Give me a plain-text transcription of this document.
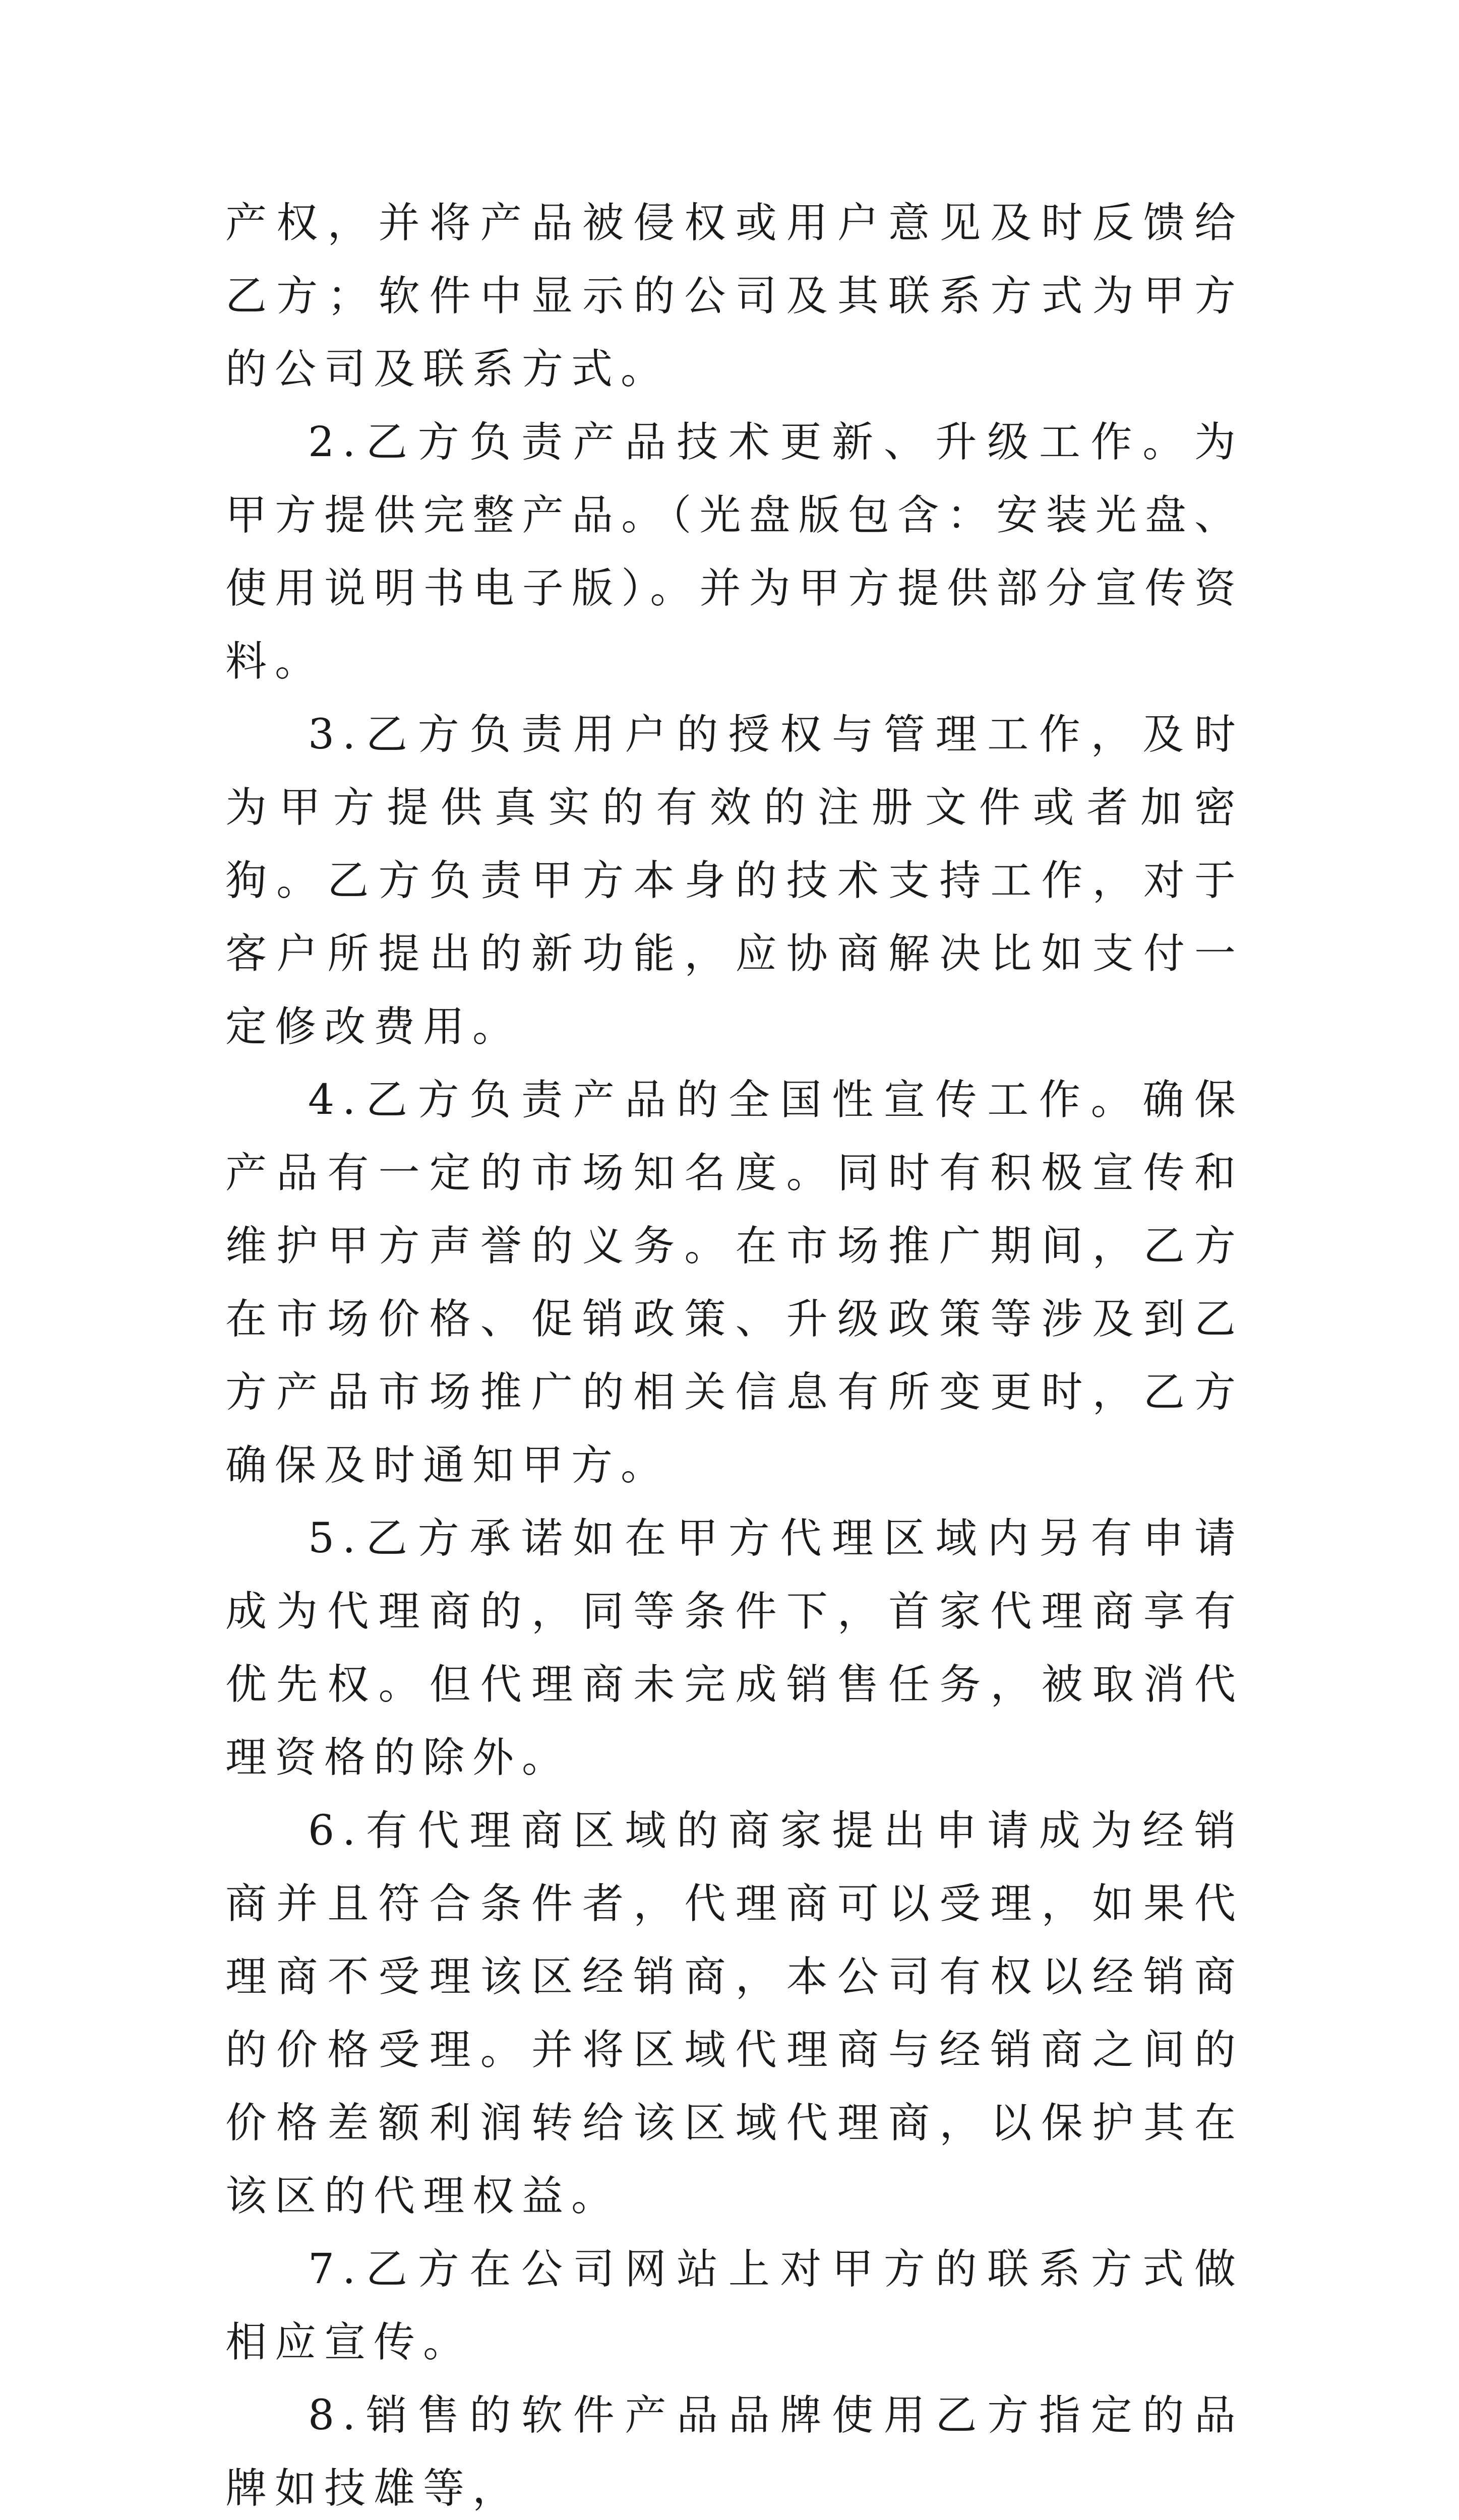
产权，并将产品被侵权或用户意见及时反馈给乙方；软件中显示的公司及其联系方式为甲方的公司及联系方式。

2.乙方负责产品技术更新、升级工作。为甲方提供完整产品。（光盘版包含：安装光盘、使用说明书电子版）。并为甲方提供部分宣传资料。

3.乙方负责用户的授权与管理工作，及时为甲方提供真实的有效的注册文件或者加密狗。乙方负责甲方本身的技术支持工作，对于客户所提出的新功能，应协商解决比如支付一定修改费用。

4.乙方负责产品的全国性宣传工作。确保产品有一定的市场知名度。同时有积极宣传和维护甲方声誉的义务。在市场推广期间，乙方在市场价格、促销政策、升级政策等涉及到乙方产品市场推广的相关信息有所变更时，乙方确保及时通知甲方。

5.乙方承诺如在甲方代理区域内另有申请成为代理商的，同等条件下，首家代理商享有优先权。但代理商未完成销售任务，被取消代理资格的除外。

6.有代理商区域的商家提出申请成为经销商并且符合条件者，代理商可以受理，如果代理商不受理该区经销商，本公司有权以经销商的价格受理。并将区域代理商与经销商之间的价格差额利润转给该区域代理商，以保护其在该区的代理权益。

7.乙方在公司网站上对甲方的联系方式做相应宣传。

8.销售的软件产品品牌使用乙方指定的品牌如技雄等，
